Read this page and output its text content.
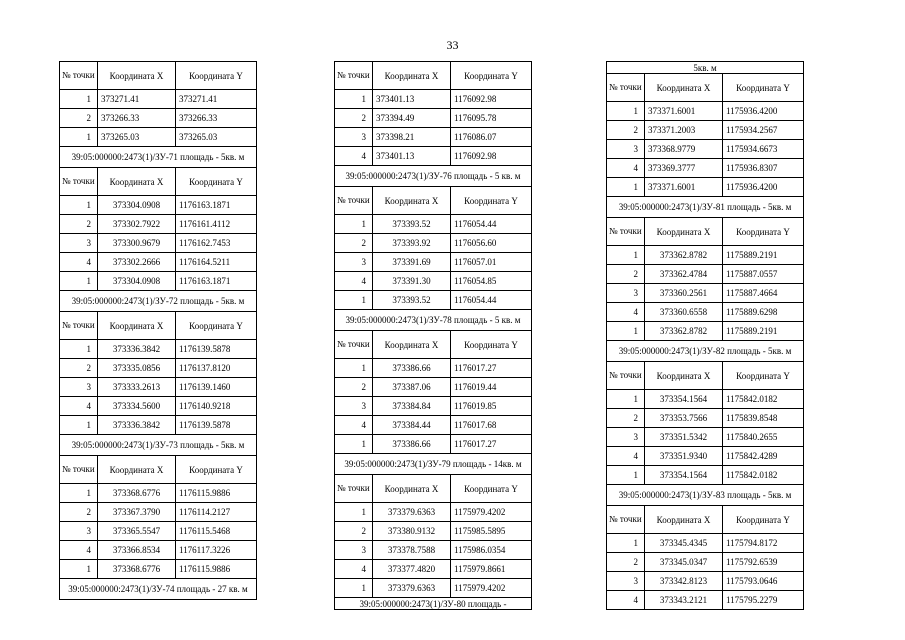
33
№ точки	Координата X	Координата Y
1	373271.41	373271.41
2	373266.33	373266.33
1	373265.03	373265.03
39:05:000000:2473(1)/ЗУ-71 площадь - 5кв. м		
№ точки	Координата X	Координата Y
1	373304.0908	1176163.1871
2	373302.7922	1176161.4112
3	373300.9679	1176162.7453
4	373302.2666	1176164.5211
1	373304.0908	1176163.1871
39:05:000000:2473(1)/ЗУ-72 площадь - 5кв. м		
№ точки	Координата X	Координата Y
1	373336.3842	1176139.5878
2	373335.0856	1176137.8120
3	373333.2613	1176139.1460
4	373334.5600	1176140.9218
1	373336.3842	1176139.5878
39:05:000000:2473(1)/ЗУ-73 площадь - 5кв. м		
№ точки	Координата X	Координата Y
1	373368.6776	1176115.9886
2	373367.3790	1176114.2127
3	373365.5547	1176115.5468
4	373366.8534	1176117.3226
1	373368.6776	1176115.9886
39:05:000000:2473(1)/ЗУ-74 площадь - 27 кв. м		
№ точки	Координата X	Координата Y
1	373401.13	1176092.98
2	373394.49	1176095.78
3	373398.21	1176086.07
4	373401.13	1176092.98
39:05:000000:2473(1)/ЗУ-76 площадь - 5 кв. м		
№ точки	Координата X	Координата Y
1	373393.52	1176054.44
2	373393.92	1176056.60
3	373391.69	1176057.01
4	373391.30	1176054.85
1	373393.52	1176054.44
39:05:000000:2473(1)/ЗУ-78 площадь - 5 кв. м		
№ точки	Координата X	Координата Y
1	373386.66	1176017.27
2	373387.06	1176019.44
3	373384.84	1176019.85
4	373384.44	1176017.68
1	373386.66	1176017.27
39:05:000000:2473(1)/ЗУ-79 площадь - 14кв. м		
№ точки	Координата X	Координата Y
1	373379.6363	1175979.4202
2	373380.9132	1175985.5895
3	373378.7588	1175986.0354
4	373377.4820	1175979.8661
1	373379.6363	1175979.4202
39:05:000000:2473(1)/ЗУ-80 площадь -		
5кв. м		
№ точки	Координата X	Координата Y
1	373371.6001	1175936.4200
2	373371.2003	1175934.2567
3	373368.9779	1175934.6673
4	373369.3777	1175936.8307
1	373371.6001	1175936.4200
39:05:000000:2473(1)/ЗУ-81 площадь - 5кв. м		
№ точки	Координата X	Координата Y
1	373362.8782	1175889.2191
2	373362.4784	1175887.0557
3	373360.2561	1175887.4664
4	373360.6558	1175889.6298
1	373362.8782	1175889.2191
39:05:000000:2473(1)/ЗУ-82 площадь - 5кв. м		
№ точки	Координата X	Координата Y
1	373354.1564	1175842.0182
2	373353.7566	1175839.8548
3	373351.5342	1175840.2655
4	373351.9340	1175842.4289
1	373354.1564	1175842.0182
39:05:000000:2473(1)/ЗУ-83 площадь - 5кв. м		
№ точки	Координата X	Координата Y
1	373345.4345	1175794.8172
2	373345.0347	1175792.6539
3	373342.8123	1175793.0646
4	373343.2121	1175795.2279
